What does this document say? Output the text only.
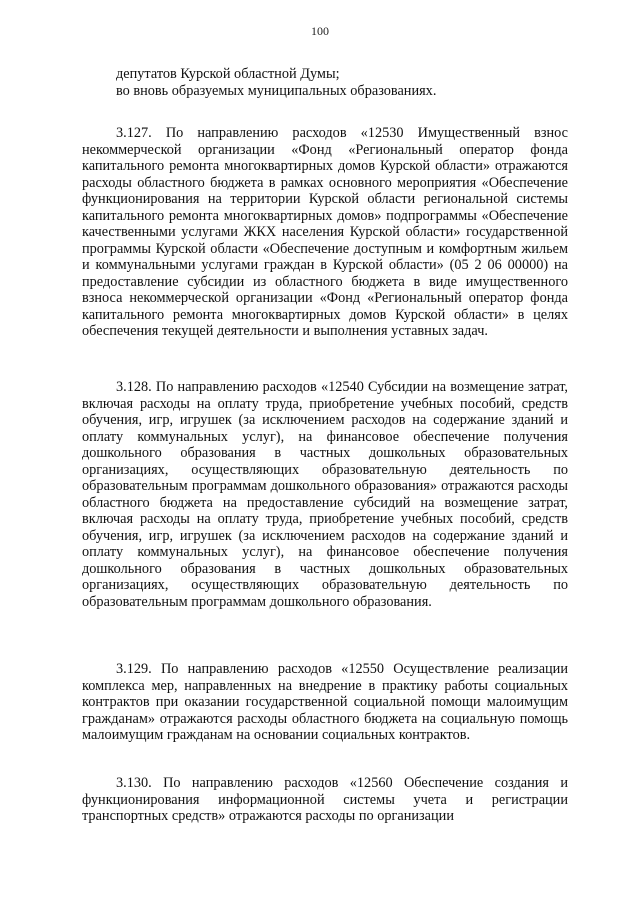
100

депутатов Курской областной Думы;

во вновь образуемых муниципальных образованиях.

3.127. По направлению расходов «12530 Имущественный взнос некоммерческой организации «Фонд «Региональный оператор фонда капитального ремонта многоквартирных домов Курской области» отражаются расходы областного бюджета в рамках основного мероприятия «Обеспечение функционирования на территории Курской области региональной системы капитального ремонта многоквартирных домов» подпрограммы «Обеспечение качественными услугами ЖКХ населения Курской области» государственной программы Курской области «Обеспечение доступным и комфортным жильем и коммунальными услугами граждан в Курской области» (05 2 06 00000) на предоставление субсидии из областного бюджета в виде имущественного взноса некоммерческой организации «Фонд «Региональный оператор фонда капитального ремонта многоквартирных домов Курской области» в целях обеспечения текущей деятельности и выполнения уставных задач.

3.128. По направлению расходов «12540 Субсидии на возмещение затрат, включая расходы на оплату труда, приобретение учебных пособий, средств обучения, игр, игрушек (за исключением расходов на содержание зданий и оплату коммунальных услуг), на финансовое обеспечение получения дошкольного образования в частных дошкольных образовательных организациях, осуществляющих образовательную деятельность по образовательным программам дошкольного образования» отражаются расходы областного бюджета на предоставление субсидий на возмещение затрат, включая расходы на оплату труда, приобретение учебных пособий, средств обучения, игр, игрушек (за исключением расходов на содержание зданий и оплату коммунальных услуг), на финансовое обеспечение получения дошкольного образования в частных дошкольных образовательных организациях, осуществляющих образовательную деятельность по образовательным программам дошкольного образования.

3.129. По направлению расходов «12550 Осуществление реализации комплекса мер, направленных на внедрение в практику работы социальных контрактов при оказании государственной социальной помощи малоимущим гражданам» отражаются расходы областного бюджета на социальную помощь малоимущим гражданам на основании социальных контрактов.

3.130. По направлению расходов «12560 Обеспечение создания и функционирования информационной системы учета и регистрации транспортных средств» отражаются расходы по организации
